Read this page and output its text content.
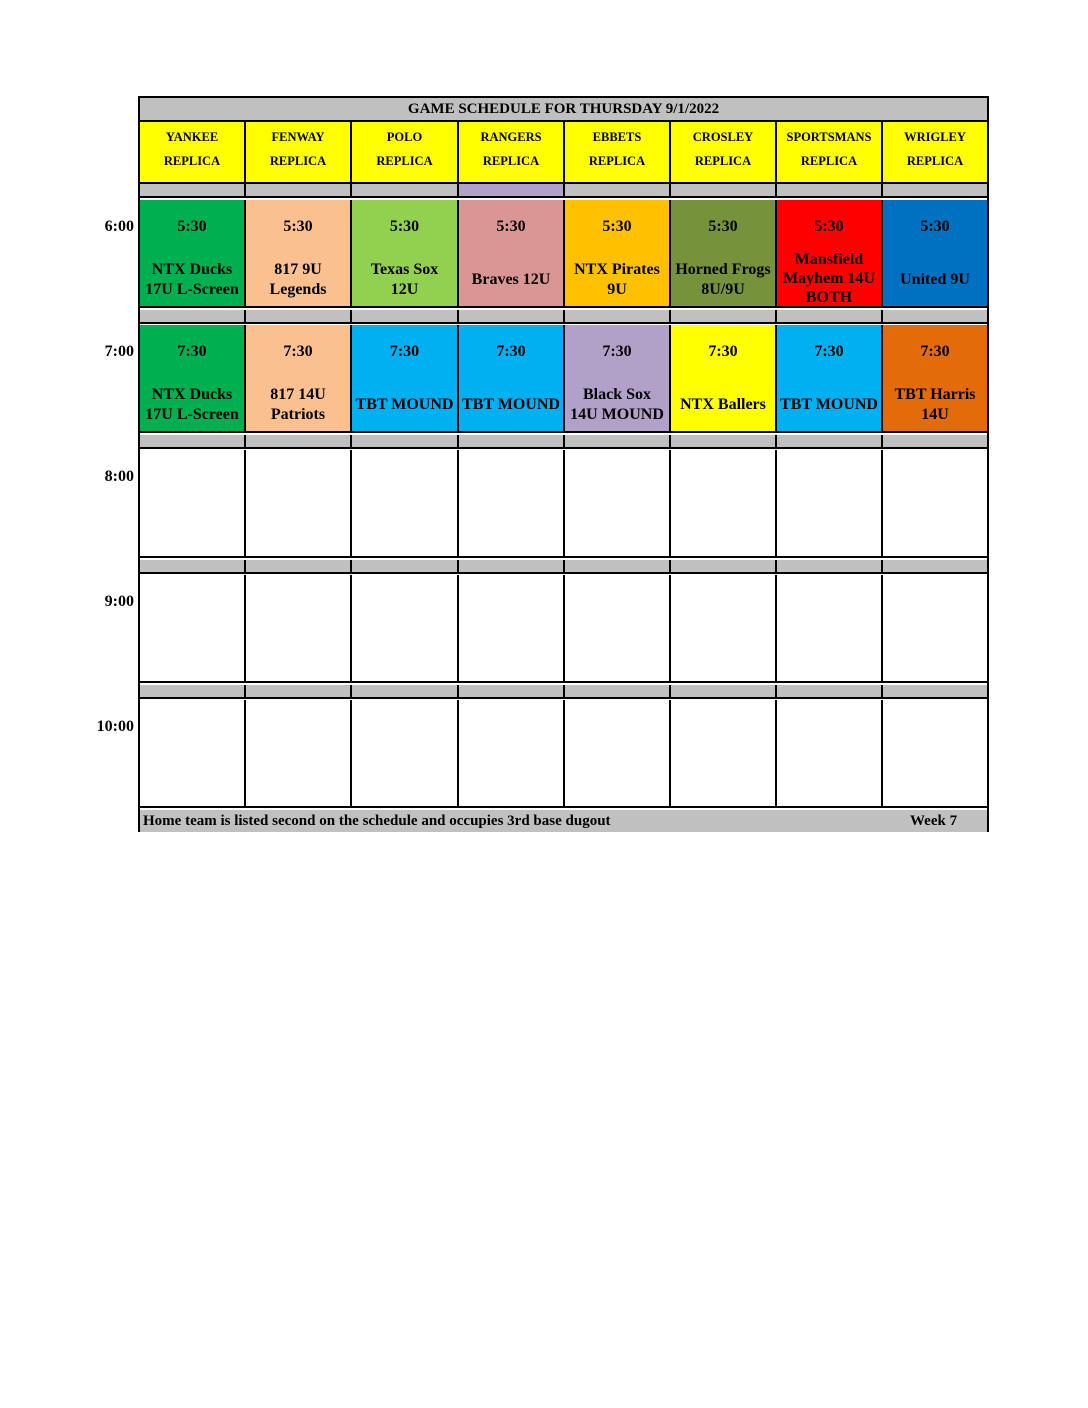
GAME SCHEDULE FOR THURSDAY 9/1/2022
YANKEE
REPLICA
FENWAY
REPLICA
POLO
REPLICA
RANGERS
REPLICA
EBBETS
REPLICA
CROSLEY
REPLICA
SPORTSMANS
REPLICA
WRIGLEY
REPLICA
5:30
NTX Ducks
17U L-Screen
5:30
817 9U
Legends
5:30
Texas Sox
12U
5:30
Braves 12U
5:30
NTX Pirates
9U
5:30
Horned Frogs
8U/9U
5:30
Mansfield
Mayhem 14U
BOTH
5:30
United 9U
7:30
NTX Ducks
17U L-Screen
7:30
817 14U
Patriots
7:30
TBT MOUND
7:30
TBT MOUND
7:30
Black Sox
14U MOUND
7:30
NTX Ballers
7:30
TBT MOUND
7:30
TBT Harris
14U
Home team is listed second on the schedule and occupies 3rd base dugout	Week 7
6:00
7:00
8:00
9:00
10:00
